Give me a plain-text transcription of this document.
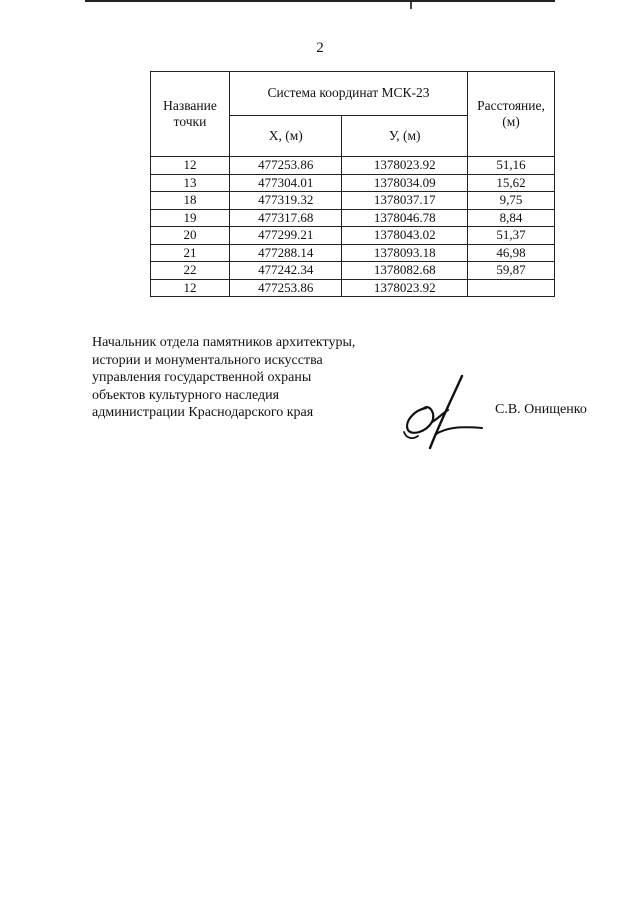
2
Название точки	Система координат МСК-23		Расстояние, (м)
	Х, (м)	У, (м)	
12	477253.86	1378023.92	51,16
13	477304.01	1378034.09	15,62
18	477319.32	1378037.17	9,75
19	477317.68	1378046.78	8,84
20	477299.21	1378043.02	51,37
21	477288.14	1378093.18	46,98
22	477242.34	1378082.68	59,87
12	477253.86	1378023.92	
Начальник отдела памятников архитектуры,
истории и монументального искусства
управления государственной охраны
объектов культурного наследия
администрации Краснодарского края	С.В. Онищенко
